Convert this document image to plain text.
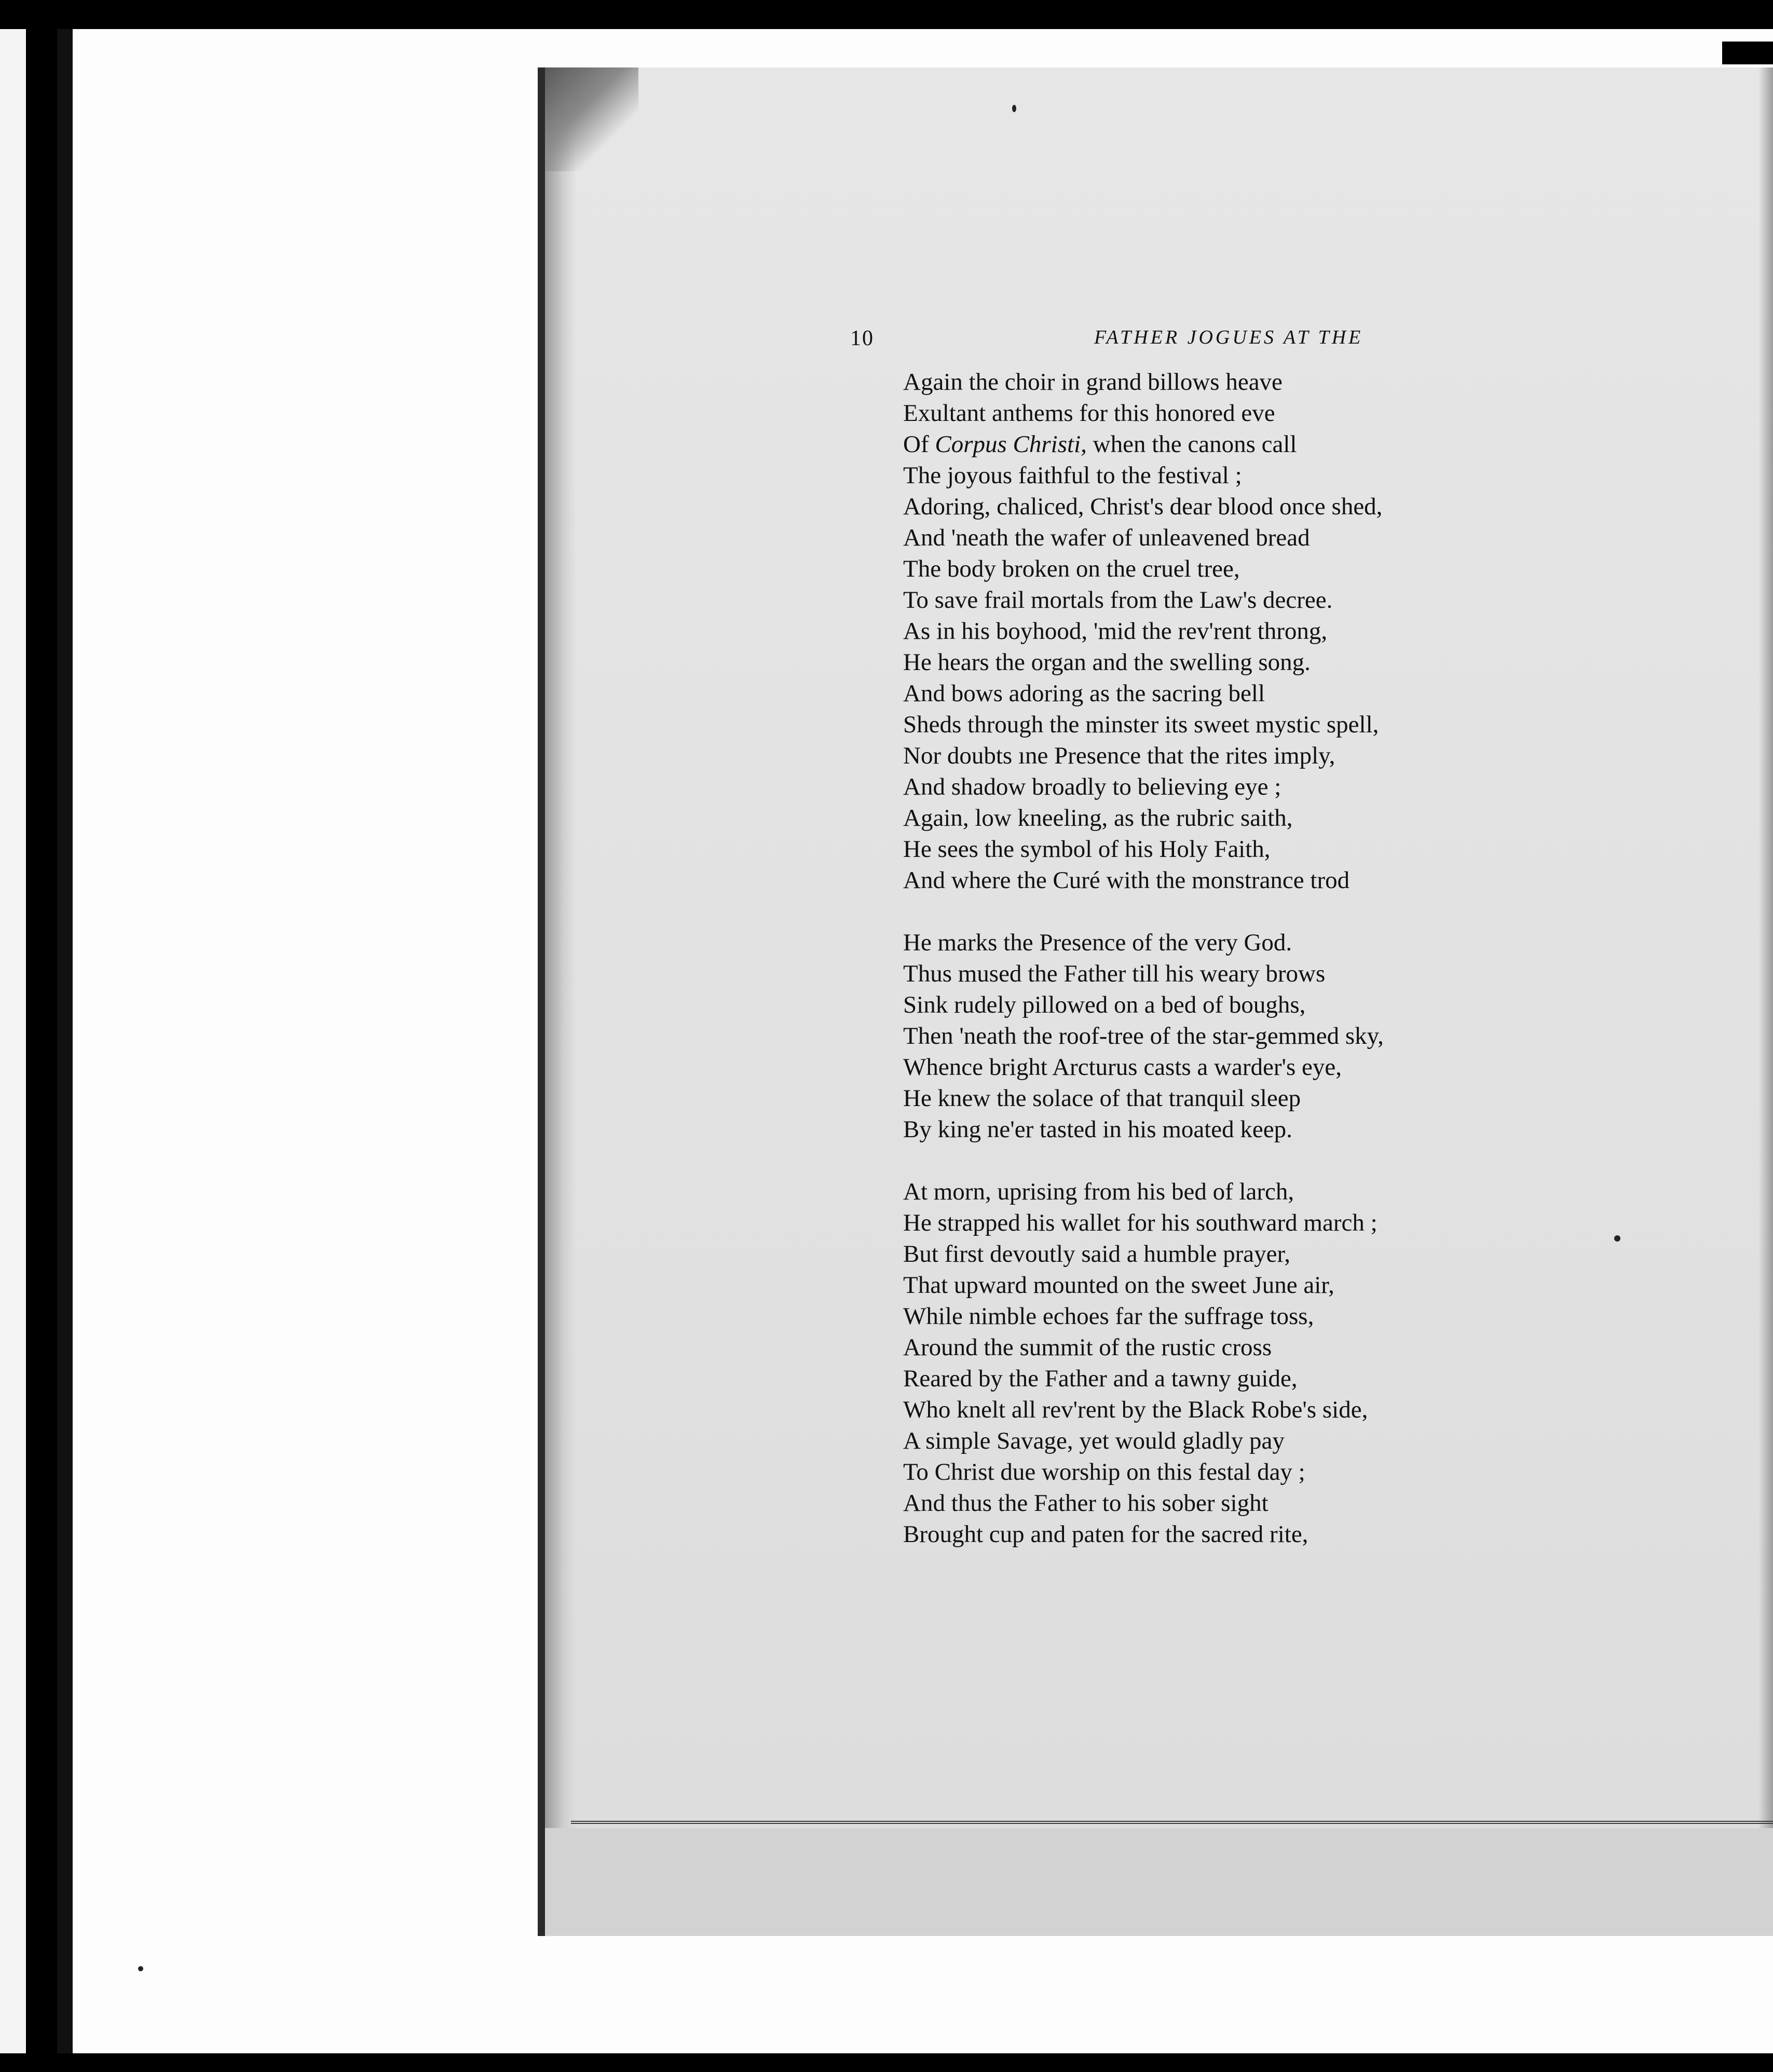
10	FATHER JOGUES AT THE
Again the choir in grand billows heave
Exultant anthems for this honored eve
Of Corpus Christi, when the canons call
The joyous faithful to the festival ;
Adoring, chaliced, Christ's dear blood once shed,
And 'neath the wafer of unleavened bread
The body broken on the cruel tree,
To save frail mortals from the Law's decree.
As in his boyhood, 'mid the rev'rent throng,
He hears the organ and the swelling song.
And bows adoring as the sacring bell
Sheds through the minster its sweet mystic spell,
Nor doubts ıne Presence that the rites imply,
And shadow broadly to believing eye ;
Again, low kneeling, as the rubric saith,
He sees the symbol of his Holy Faith,
And where the Curé with the monstrance trod
He marks the Presence of the very God.
Thus mused the Father till his weary brows
Sink rudely pillowed on a bed of boughs,
Then 'neath the roof-tree of the star-gemmed sky,
Whence bright Arcturus casts a warder's eye,
He knew the solace of that tranquil sleep
By king ne'er tasted in his moated keep.
At morn, uprising from his bed of larch,
He strapped his wallet for his southward march ;
But first devoutly said a humble prayer,
That upward mounted on the sweet June air,
While nimble echoes far the suffrage toss,
Around the summit of the rustic cross
Reared by the Father and a tawny guide,
Who knelt all rev'rent by the Black Robe's side,
A simple Savage, yet would gladly pay
To Christ due worship on this festal day ;
And thus the Father to his sober sight
Brought cup and paten for the sacred rite,
